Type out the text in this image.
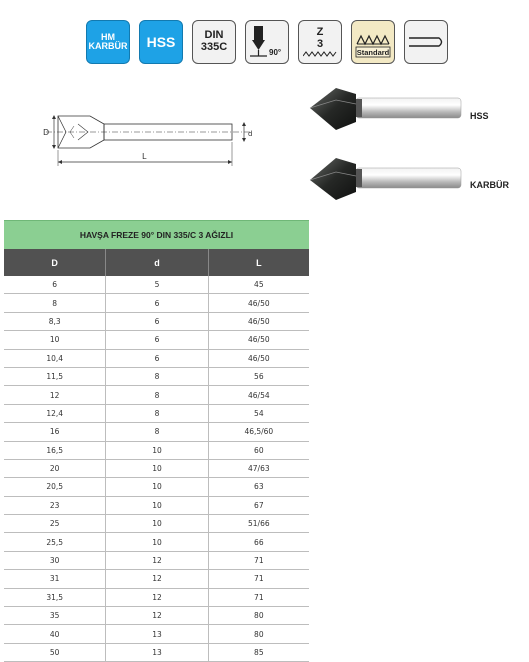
HM
KARBÜR HSS	DIN
335C	90°
Z
3
Standard
D	d
L
HSS
KARBÜR
HAVŞA FREZE 90° DIN 335/C 3 AĞIZLI
D	d	L
6	5	45
8	6	46/50
8,3	6	46/50
10	6	46/50
10,4	6	46/50
11,5	8	56
12	8	46/54
12,4	8	54
16	8	46,5/60
16,5	10	60
20	10	47/63
20,5	10	63
23	10	67
25	10	51/66
25,5	10	66
30	12	71
31	12	71
31,5	12	71
35	12	80
40	13	80
50	13	85
